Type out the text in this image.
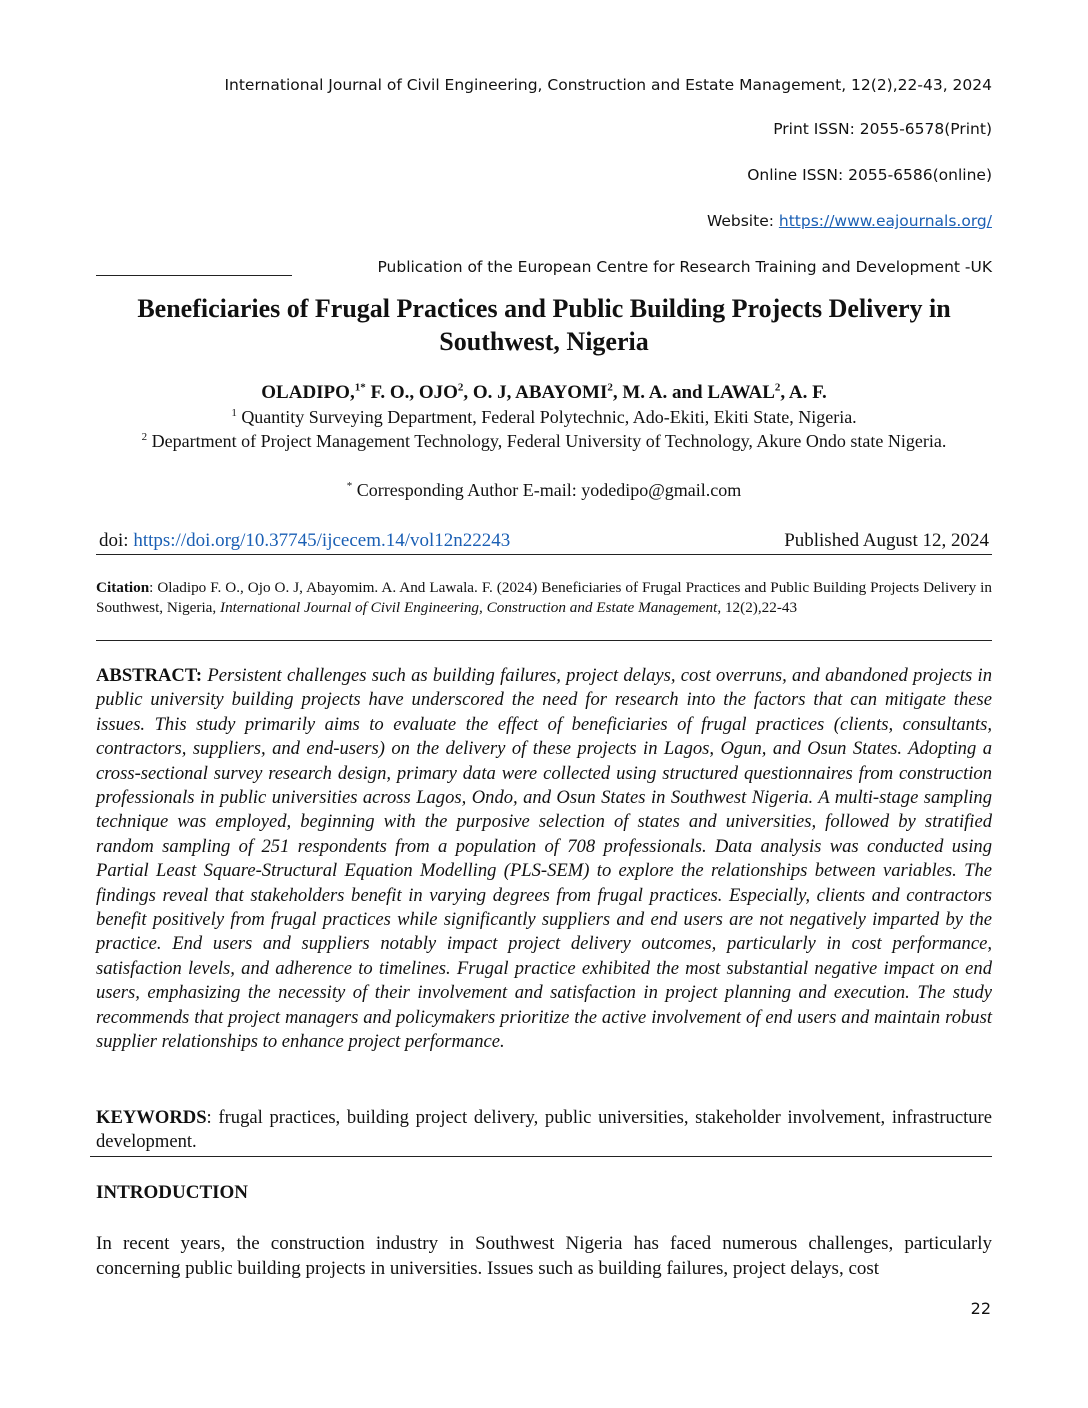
International Journal of Civil Engineering, Construction and Estate Management, 12(2),22-43, 2024
Print ISSN: 2055-6578(Print)
Online ISSN: 2055-6586(online)
Website: https://www.eajournals.org/
Publication of the European Centre for Research Training and Development -UK
Beneficiaries of Frugal Practices and Public Building Projects Delivery in Southwest, Nigeria
OLADIPO,$^{1*}$ F. O., OJO$^2$, O. J, ABAYOMI$^2$, M. A. and LAWAL$^2$, A. F.
$^1$ Quantity Surveying Department, Federal Polytechnic, Ado-Ekiti, Ekiti State, Nigeria.
$^2$ Department of Project Management Technology, Federal University of Technology, Akure Ondo state Nigeria.
* Corresponding Author E-mail: yodedipo@gmail.com
doi: https://doi.org/10.37745/ijcecem.14/vol12n22243	Published August 12, 2024
Citation: Oladipo F. O., Ojo O. J, Abayomim. A. And Lawala. F. (2024) Beneficiaries of Frugal Practices and Public Building Projects Delivery in Southwest, Nigeria, International Journal of Civil Engineering, Construction and Estate Management, 12(2),22-43
ABSTRACT: Persistent challenges such as building failures, project delays, cost overruns, and abandoned projects in public university building projects have underscored the need for research into the factors that can mitigate these issues. This study primarily aims to evaluate the effect of beneficiaries of frugal practices (clients, consultants, contractors, suppliers, and end-users) on the delivery of these projects in Lagos, Ogun, and Osun States. Adopting a cross-sectional survey research design, primary data were collected using structured questionnaires from construction professionals in public universities across Lagos, Ondo, and Osun States in Southwest Nigeria. A multi-stage sampling technique was employed, beginning with the purposive selection of states and universities, followed by stratified random sampling of 251 respondents from a population of 708 professionals. Data analysis was conducted using Partial Least Square-Structural Equation Modelling (PLS-SEM) to explore the relationships between variables. The findings reveal that stakeholders benefit in varying degrees from frugal practices. Especially, clients and contractors benefit positively from frugal practices while significantly suppliers and end users are not negatively imparted by the practice. End users and suppliers notably impact project delivery outcomes, particularly in cost performance, satisfaction levels, and adherence to timelines. Frugal practice exhibited the most substantial negative impact on end users, emphasizing the necessity of their involvement and satisfaction in project planning and execution. The study recommends that project managers and policymakers prioritize the active involvement of end users and maintain robust supplier relationships to enhance project performance.
KEYWORDS: frugal practices, building project delivery, public universities, stakeholder involvement, infrastructure development.
INTRODUCTION
In recent years, the construction industry in Southwest Nigeria has faced numerous challenges, particularly concerning public building projects in universities. Issues such as building failures, project delays, cost
22
